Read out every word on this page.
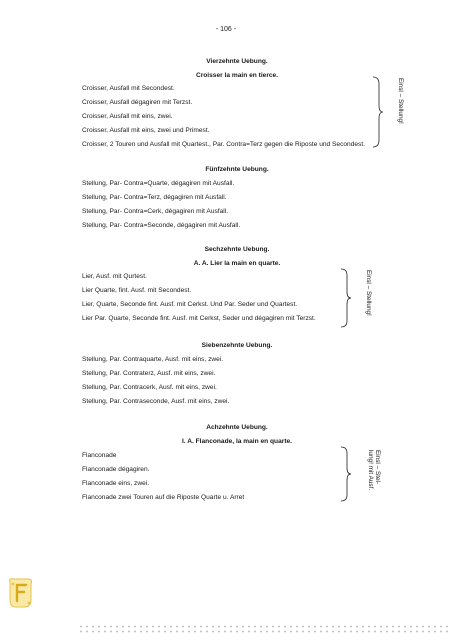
- 106 -
Vierzehnte Uebung.
Croisser la main en tierce.
Croisser, Ausfall mit Secondest.
Croisser, Ausfall dégagiren mit Terzst.
Croisser, Ausfall mit eins, zwei.
Croisser, Ausfall mit eins, zwei und Primest.
Croisser, 2 Touren und Ausfall mit Quartest., Par. Contra=Terz gegen die Riposte und Secondest.
Einsl – Stellung!
Fünfzehnte Uebung.
Stellung, Par- Contra=Quarte, dégagiren mit Ausfall.
Stellung, Par- Contra=Terz, dégagiren mit Ausfall.
Stellung, Par- Contra=Cerk, dégagiren mit Ausfall.
Stellung, Par- Contra=Seconde, dégagiren mit Ausfall.
Sechzehnte Uebung.
A. A. Lier la main en quarte.
Lier, Ausf. mit Qurtest.
Lier Quarte, fint. Ausf. mit Secondest.
Lier, Quarte, Seconde fint. Ausf. mit Cerkst. Und Par. Seder und Quartest.
Lier Par. Quarte, Seconde fint. Ausf. mit Cerkst, Seder und dégagiren mit Terzst.
Einsl – Stellung!
Siebenzehnte Uebung.
Stellung, Par. Contraquarte, Ausf. mit eins, zwei.
Stellung, Par. Contraterz, Ausf. mit eins, zwei.
Stellung, Par. Contracerk, Ausf. mit eins, zwei.
Stellung, Par. Contraseconde, Ausf. mit eins, zwei.
Achzehnte Uebung.
I. A. Flanconade, la main en quarte.
Flanconade
Flanconade dégagiren.
Flanconade eins, zwei.
Flanconade zwei Touren auf die Riposte Quarte u. Arret
Einsl – Stel-
lung! mit Ausf.
